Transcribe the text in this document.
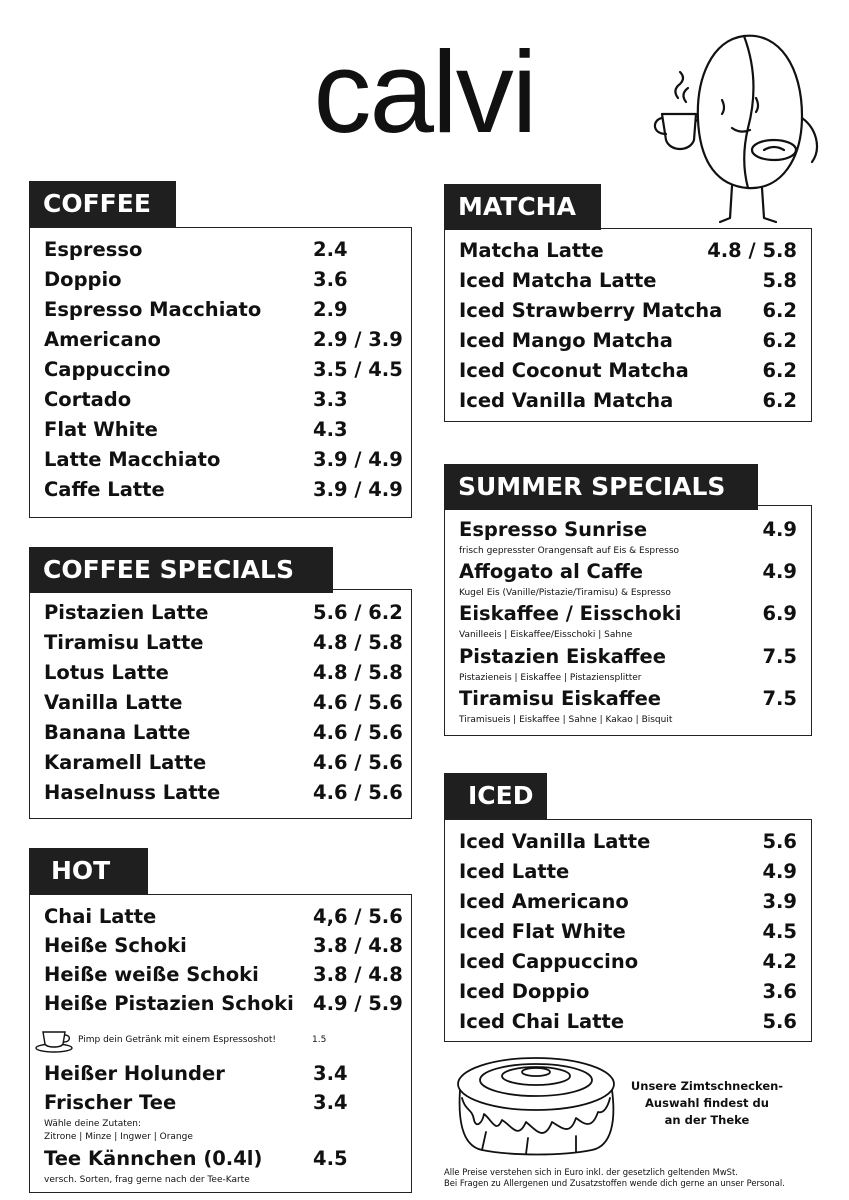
calvi
COFFEE
Espresso	2.4
Doppio	3.6
Espresso Macchiato	2.9
Americano	2.9 / 3.9
Cappuccino	3.5 / 4.5
Cortado	3.3
Flat White	4.3
Latte Macchiato	3.9 / 4.9
Caffe Latte	3.9 / 4.9
COFFEE SPECIALS
Pistazien Latte	5.6 / 6.2
Tiramisu Latte	4.8 / 5.8
Lotus Latte	4.8 / 5.8
Vanilla Latte	4.6 / 5.6
Banana Latte	4.6 / 5.6
Karamell Latte	4.6 / 5.6
Haselnuss Latte	4.6 / 5.6
HOT
Chai Latte	4,6 / 5.6
Heiße Schoki	3.8 / 4.8
Heiße weiße Schoki	3.8 / 4.8
Heiße Pistazien Schoki 4.9 / 5.9
Pimp dein Getränk mit einem Espressoshot!	1.5
Heißer Holunder	3.4
Frischer Tee	3.4
Wähle deine Zutaten:
Zitrone | Minze | Ingwer | Orange
Tee Kännchen (0.4l)	4.5
versch. Sorten, frag gerne nach der Tee-Karte
MATCHA
Matcha Latte	4.8 / 5.8
Iced Matcha Latte	5.8
Iced Strawberry Matcha 6.2
Iced Mango Matcha	6.2
Iced Coconut Matcha	6.2
Iced Vanilla Matcha	6.2
SUMMER SPECIALS
Espresso Sunrise	4.9
frisch gepresster Orangensaft auf Eis & Espresso
Affogato al Caffe	4.9
Kugel Eis (Vanille/Pistazie/Tiramisu) & Espresso
Eiskaffee / Eisschoki	6.9
Vanilleeis | Eiskaffee/Eisschoki | Sahne
Pistazien Eiskaffee	7.5
Pistazieneis | Eiskaffee | Pistaziensplitter
Tiramisu Eiskaffee	7.5
Tiramisueis | Eiskaffee | Sahne | Kakao | Bisquit
ICED
Iced Vanilla Latte	5.6
Iced Latte	4.9
Iced Americano	3.9
Iced Flat White	4.5
Iced Cappuccino	4.2
Iced Doppio	3.6
Iced Chai Latte	5.6
Unsere Zimtschnecken-
Auswahl findest du
an der Theke
Alle Preise verstehen sich in Euro inkl. der gesetzlich geltenden MwSt.
Bei Fragen zu Allergenen und Zusatzstoffen wende dich gerne an unser Personal.
